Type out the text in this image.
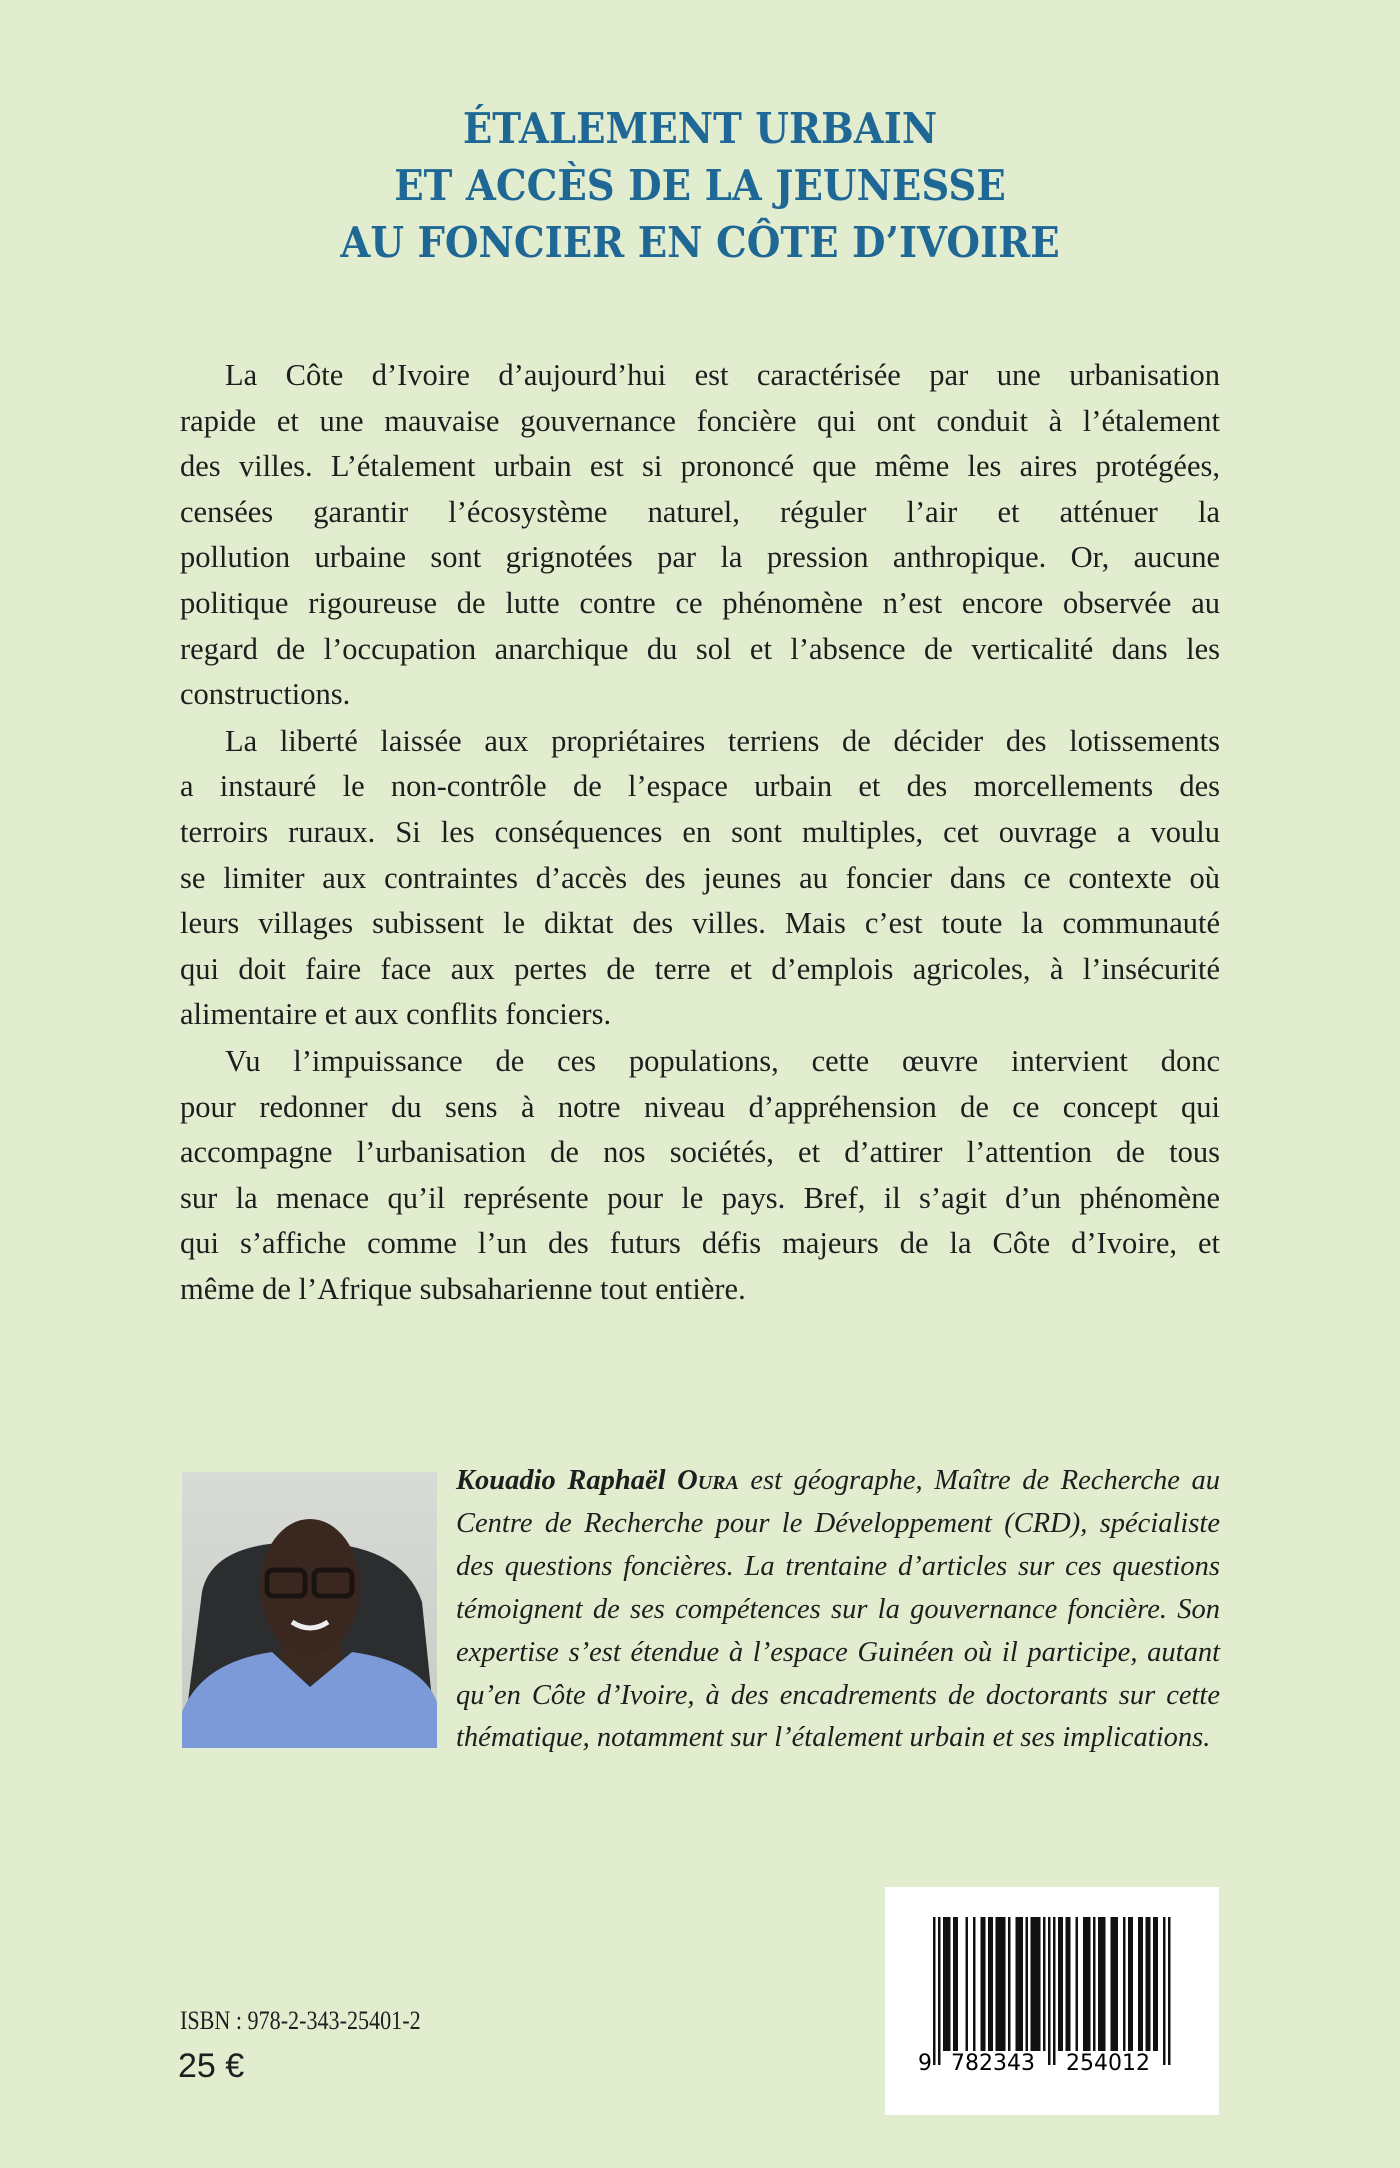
ÉTALEMENT URBAIN
ET ACCÈS DE LA JEUNESSE
AU FONCIER EN CÔTE D’IVOIRE
La Côte d’Ivoire d’aujourd’hui est caractérisée par une urbanisation
rapide et une mauvaise gouvernance foncière qui ont conduit à l’étalement
des villes. L’étalement urbain est si prononcé que même les aires protégées,
censées garantir l’écosystème naturel, réguler l’air et atténuer la
pollution urbaine sont grignotées par la pression anthropique. Or, aucune
politique rigoureuse de lutte contre ce phénomène n’est encore observée au
regard de l’occupation anarchique du sol et l’absence de verticalité dans les
constructions.
La liberté laissée aux propriétaires terriens de décider des lotissements
a instauré le non-contrôle de l’espace urbain et des morcellements des
terroirs ruraux. Si les conséquences en sont multiples, cet ouvrage a voulu
se limiter aux contraintes d’accès des jeunes au foncier dans ce contexte où
leurs villages subissent le diktat des villes. Mais c’est toute la communauté
qui doit faire face aux pertes de terre et d’emplois agricoles, à l’insécurité
alimentaire et aux conflits fonciers.
Vu l’impuissance de ces populations, cette œuvre intervient donc
pour redonner du sens à notre niveau d’appréhension de ce concept qui
accompagne l’urbanisation de nos sociétés, et d’attirer l’attention de tous
sur la menace qu’il représente pour le pays. Bref, il s’agit d’un phénomène
qui s’affiche comme l’un des futurs défis majeurs de la Côte d’Ivoire, et
même de l’Afrique subsaharienne tout entière.
Kouadio Raphaël Oura est géographe, Maître de Recherche au
Centre de Recherche pour le Développement (CRD), spécialiste
des questions foncières. La trentaine d’articles sur ces questions
témoignent de ses compétences sur la gouvernance foncière. Son
expertise s’est étendue à l’espace Guinéen où il participe, autant
qu’en Côte d’Ivoire, à des encadrements de doctorants sur cette
thématique, notamment sur l’étalement urbain et ses implications.
ISBN : 978-2-343-25401-2
25 €	9 782343 254012
